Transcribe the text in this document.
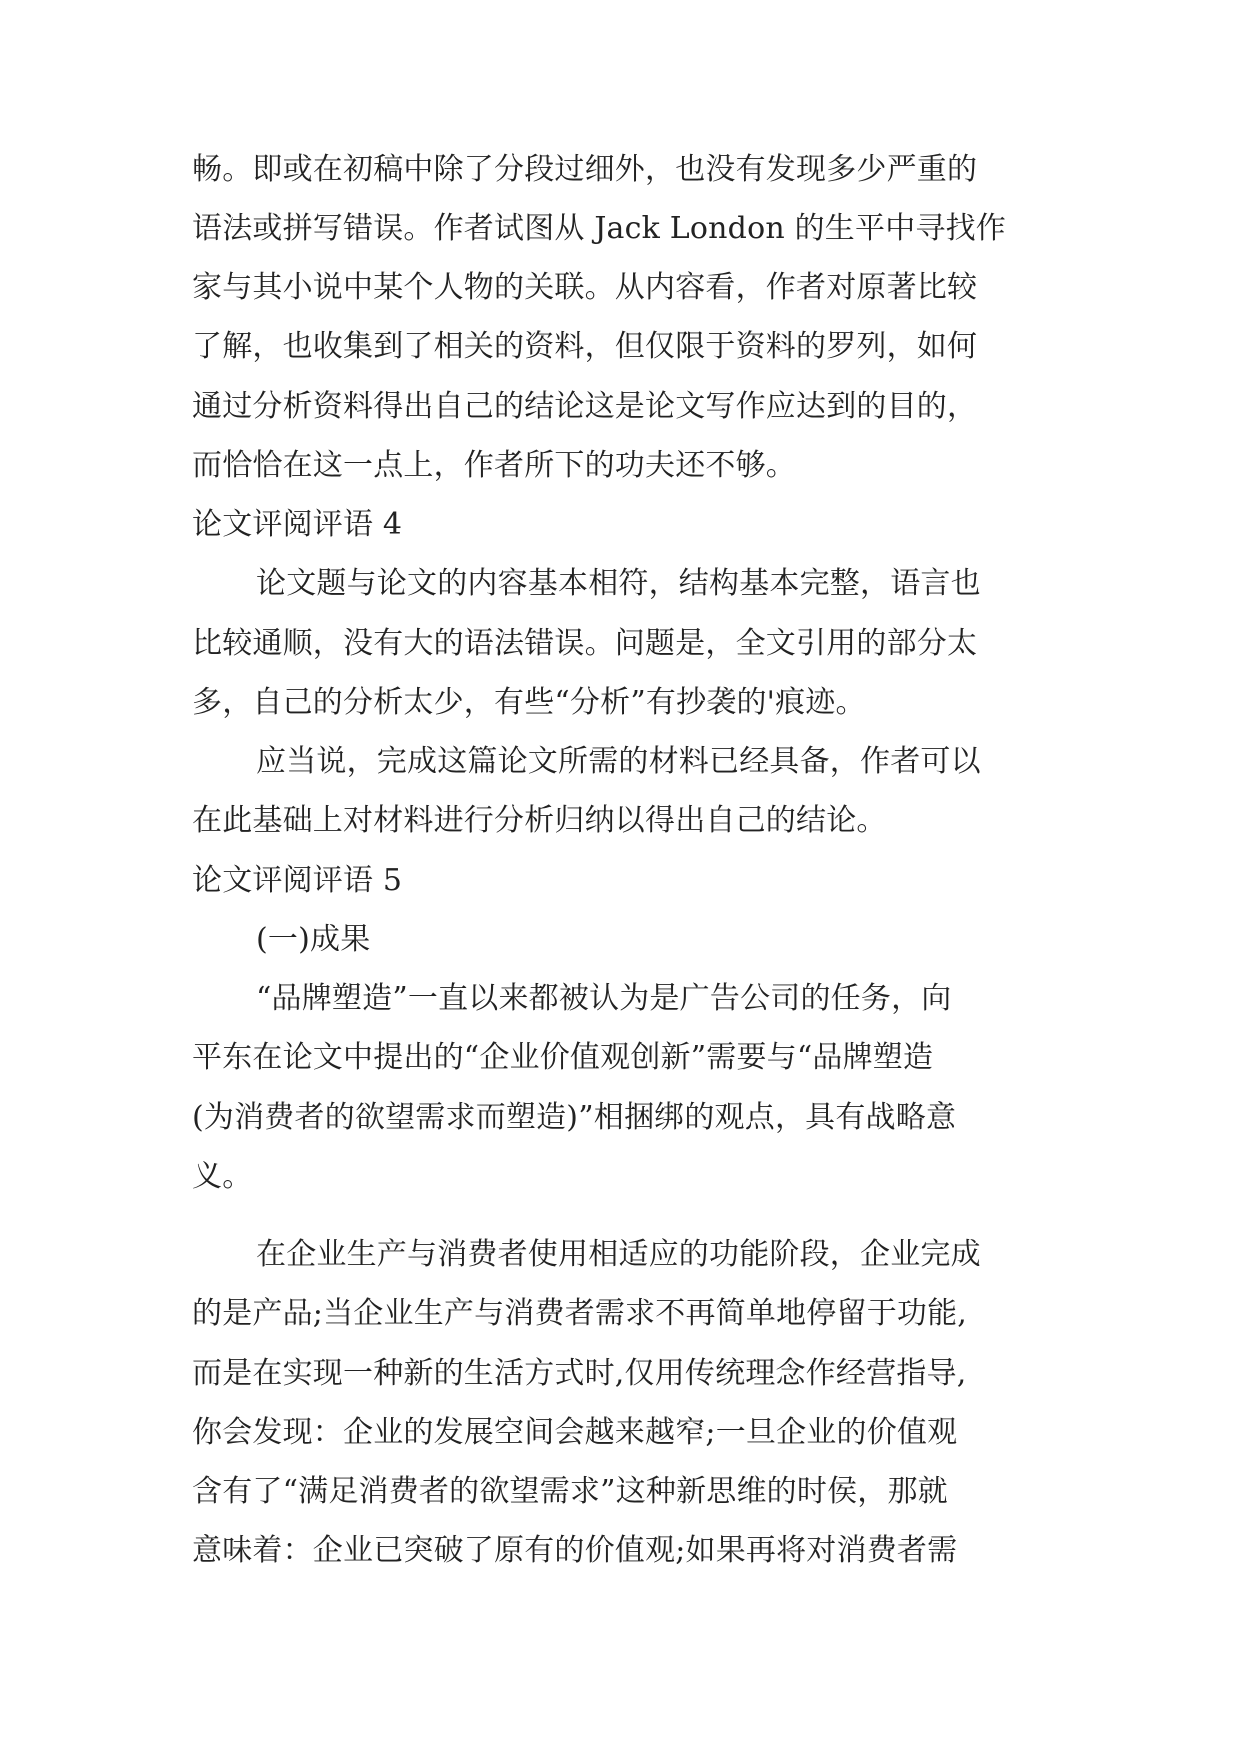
畅。即或在初稿中除了分段过细外，也没有发现多少严重的
语法或拼写错误。作者试图从 Jack London 的生平中寻找作
家与其小说中某个人物的关联。从内容看，作者对原著比较
了解，也收集到了相关的资料，但仅限于资料的罗列，如何
通过分析资料得出自己的结论这是论文写作应达到的目的，
而恰恰在这一点上，作者所下的功夫还不够。
论文评阅评语 4
论文题与论文的内容基本相符，结构基本完整，语言也
比较通顺，没有大的语法错误。问题是，全文引用的部分太
多，自己的分析太少，有些“分析”有抄袭的'痕迹。
应当说，完成这篇论文所需的材料已经具备，作者可以
在此基础上对材料进行分析归纳以得出自己的结论。
论文评阅评语 5
(一)成果
“品牌塑造”一直以来都被认为是广告公司的任务，向
平东在论文中提出的“企业价值观创新”需要与“品牌塑造
(为消费者的欲望需求而塑造)”相捆绑的观点，具有战略意
义。
在企业生产与消费者使用相适应的功能阶段，企业完成
的是产品;当企业生产与消费者需求不再简单地停留于功能,
而是在实现一种新的生活方式时,仅用传统理念作经营指导,
你会发现：企业的发展空间会越来越窄;一旦企业的价值观
含有了“满足消费者的欲望需求”这种新思维的时侯，那就
意味着：企业已突破了原有的价值观;如果再将对消费者需
